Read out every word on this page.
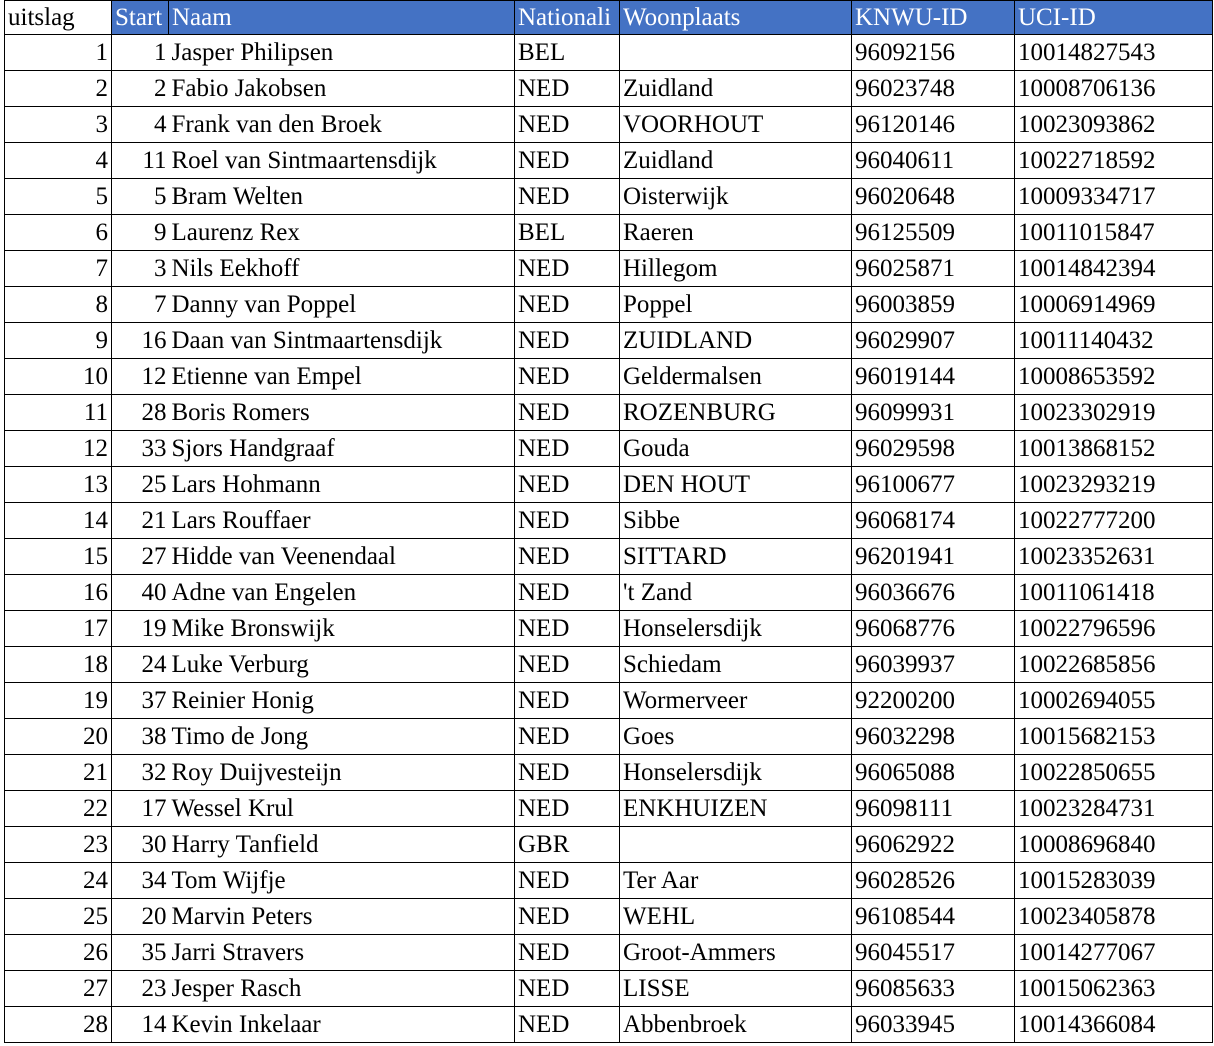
uitslag	Start	Naam	Nationali	Woonplaats	KNWU-ID	UCI-ID
1	1	Jasper Philipsen	BEL		96092156	10014827543
2	2	Fabio Jakobsen	NED	Zuidland	96023748	10008706136
3	4	Frank van den Broek	NED	VOORHOUT	96120146	10023093862
4	11	Roel van Sintmaartensdijk	NED	Zuidland	96040611	10022718592
5	5	Bram Welten	NED	Oisterwijk	96020648	10009334717
6	9	Laurenz Rex	BEL	Raeren	96125509	10011015847
7	3	Nils Eekhoff	NED	Hillegom	96025871	10014842394
8	7	Danny van Poppel	NED	Poppel	96003859	10006914969
9	16	Daan van Sintmaartensdijk	NED	ZUIDLAND	96029907	10011140432
10	12	Etienne van Empel	NED	Geldermalsen	96019144	10008653592
11	28	Boris Romers	NED	ROZENBURG	96099931	10023302919
12	33	Sjors Handgraaf	NED	Gouda	96029598	10013868152
13	25	Lars Hohmann	NED	DEN HOUT	96100677	10023293219
14	21	Lars Rouffaer	NED	Sibbe	96068174	10022777200
15	27	Hidde van Veenendaal	NED	SITTARD	96201941	10023352631
16	40	Adne van Engelen	NED	't Zand	96036676	10011061418
17	19	Mike Bronswijk	NED	Honselersdijk	96068776	10022796596
18	24	Luke Verburg	NED	Schiedam	96039937	10022685856
19	37	Reinier Honig	NED	Wormerveer	92200200	10002694055
20	38	Timo de Jong	NED	Goes	96032298	10015682153
21	32	Roy Duijvesteijn	NED	Honselersdijk	96065088	10022850655
22	17	Wessel Krul	NED	ENKHUIZEN	96098111	10023284731
23	30	Harry Tanfield	GBR		96062922	10008696840
24	34	Tom Wijfje	NED	Ter Aar	96028526	10015283039
25	20	Marvin Peters	NED	WEHL	96108544	10023405878
26	35	Jarri Stravers	NED	Groot-Ammers	96045517	10014277067
27	23	Jesper Rasch	NED	LISSE	96085633	10015062363
28	14	Kevin Inkelaar	NED	Abbenbroek	96033945	10014366084
